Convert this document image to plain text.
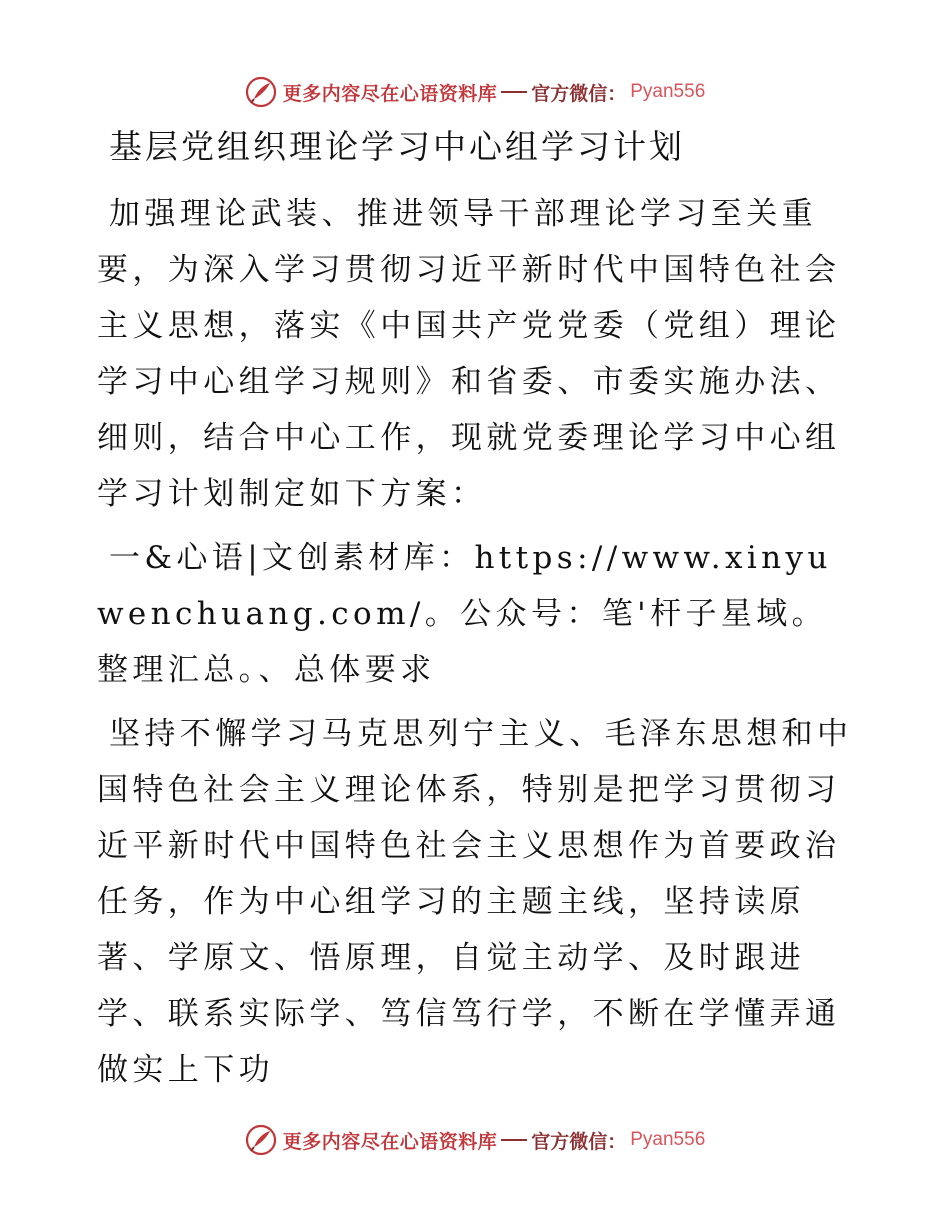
更多内容尽在心语资料库 官方微信： Pyan556
基层党组织理论学习中心组学习计划

加强理论武装、推进领导干部理论学习至关重要，为深入学习贯彻习近平新时代中国特色社会主义思想，落实《中国共产党党委（党组）理论学习中心组学习规则》和省委、市委实施办法、细则，结合中心工作，现就党委理论学习中心组学习计划制定如下方案：

一&心语|文创素材库：https://www.xinyuwenchuang.com/。公众号：笔'杆子星域。整理汇总。、总体要求

坚持不懈学习马克思列宁主义、毛泽东思想和中国特色社会主义理论体系，特别是把学习贯彻习近平新时代中国特色社会主义思想作为首要政治任务，作为中心组学习的主题主线，坚持读原著、学原文、悟原理，自觉主动学、及时跟进学、联系实际学、笃信笃行学，不断在学懂弄通做实上下功

更多内容尽在心语资料库 官方微信： Pyan556
